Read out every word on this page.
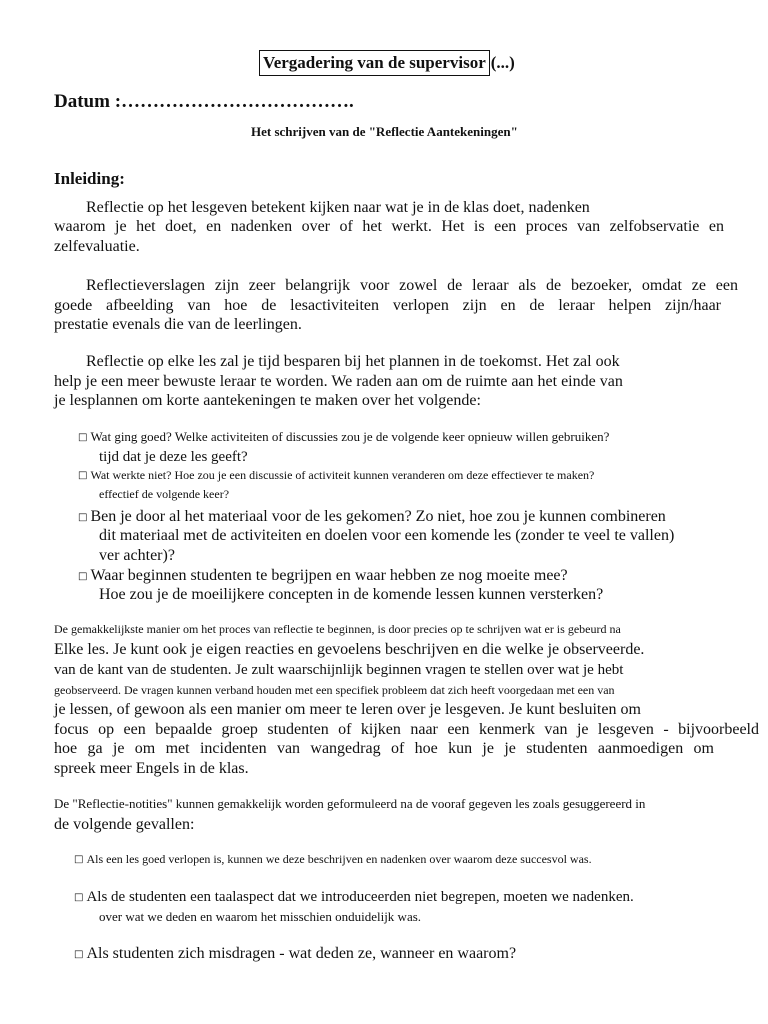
Vergadering van de supervisor (...)
Datum :……………………………….
Het schrijven van de "Reflectie Aantekeningen"
Inleiding:
Reflectie op het lesgeven betekent kijken naar wat je in de klas doet, nadenken
waarom je het doet, en nadenken over of het werkt. Het is een proces van zelfobservatie en
zelfevaluatie.
Reflectieverslagen zijn zeer belangrijk voor zowel de leraar als de bezoeker, omdat ze een
goede afbeelding van hoe de lesactiviteiten verlopen zijn en de leraar helpen zijn/haar
prestatie evenals die van de leerlingen.
Reflectie op elke les zal je tijd besparen bij het plannen in de toekomst. Het zal ook
help je een meer bewuste leraar te worden. We raden aan om de ruimte aan het einde van
je lesplannen om korte aantekeningen te maken over het volgende:
□ Wat ging goed? Welke activiteiten of discussies zou je de volgende keer opnieuw willen gebruiken?
tijd dat je deze les geeft?
□ Wat werkte niet? Hoe zou je een discussie of activiteit kunnen veranderen om deze effectiever te maken?
effectief de volgende keer?
□ Ben je door al het materiaal voor de les gekomen? Zo niet, hoe zou je kunnen combineren
dit materiaal met de activiteiten en doelen voor een komende les (zonder te veel te vallen)
ver achter)?
□ Waar beginnen studenten te begrijpen en waar hebben ze nog moeite mee?
Hoe zou je de moeilijkere concepten in de komende lessen kunnen versterken?
De gemakkelijkste manier om het proces van reflectie te beginnen, is door precies op te schrijven wat er is gebeurd na
Elke les. Je kunt ook je eigen reacties en gevoelens beschrijven en die welke je observeerde.
van de kant van de studenten. Je zult waarschijnlijk beginnen vragen te stellen over wat je hebt
geobserveerd. De vragen kunnen verband houden met een specifiek probleem dat zich heeft voorgedaan met een van
je lessen, of gewoon als een manier om meer te leren over je lesgeven. Je kunt besluiten om
focus op een bepaalde groep studenten of kijken naar een kenmerk van je lesgeven - bijvoorbeeld
hoe ga je om met incidenten van wangedrag of hoe kun je je studenten aanmoedigen om
spreek meer Engels in de klas.
De "Reflectie-notities" kunnen gemakkelijk worden geformuleerd na de vooraf gegeven les zoals gesuggereerd in
de volgende gevallen:
□ Als een les goed verlopen is, kunnen we deze beschrijven en nadenken over waarom deze succesvol was.
□ Als de studenten een taalaspect dat we introduceerden niet begrepen, moeten we nadenken.
over wat we deden en waarom het misschien onduidelijk was.
□ Als studenten zich misdragen - wat deden ze, wanneer en waarom?
